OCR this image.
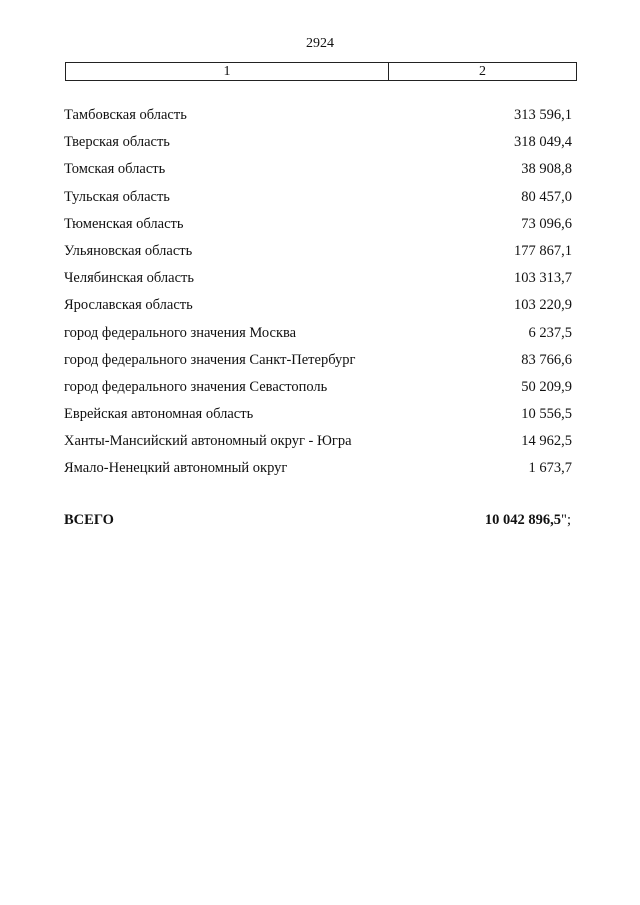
2924
1	2
Тамбовская область	313 596,1
Тверская область	318 049,4
Томская область	38 908,8
Тульская область	80 457,0
Тюменская область	73 096,6
Ульяновская область	177 867,1
Челябинская область	103 313,7
Ярославская область	103 220,9
город федерального значения Москва	6 237,5
город федерального значения Санкт-Петербург	83 766,6
город федерального значения Севастополь	50 209,9
Еврейская автономная область	10 556,5
Ханты-Мансийский автономный округ - Югра	14 962,5
Ямало-Ненецкий автономный округ	1 673,7
ВСЕГО	10 042 896,5";
